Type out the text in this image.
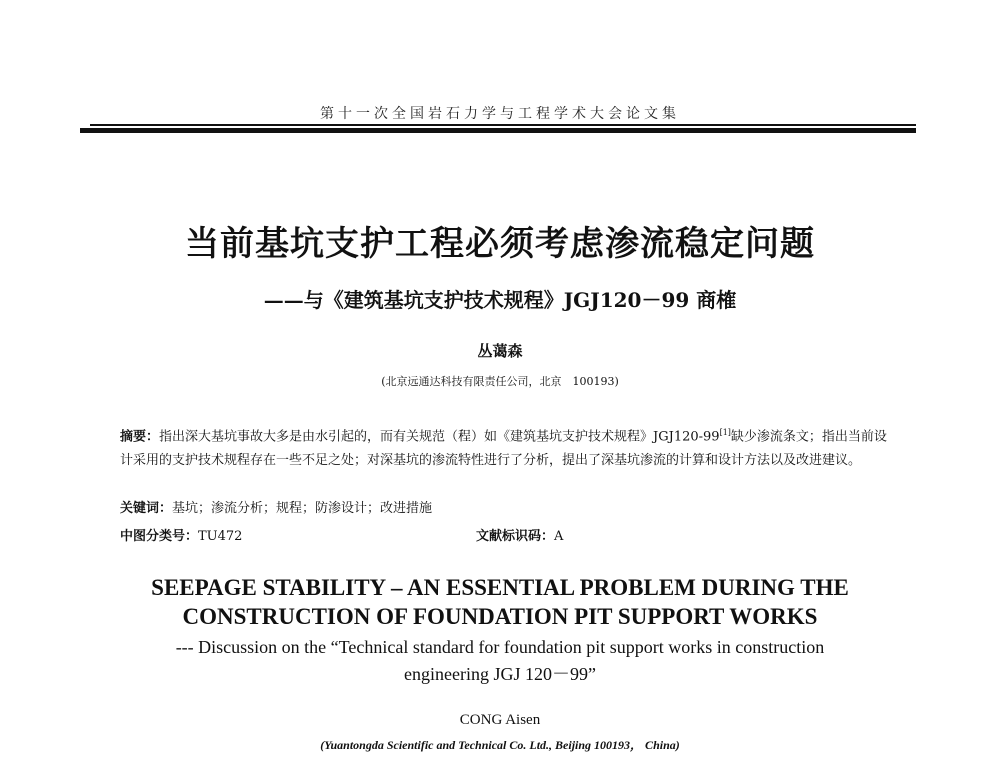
第十一次全国岩石力学与工程学术大会论文集
当前基坑支护工程必须考虑渗流稳定问题
——与《建筑基坑支护技术规程》JGJ120－99 商榷
丛蔼森
(北京远通达科技有限责任公司，北京　100193)
摘要：指出深大基坑事故大多是由水引起的，而有关规范（程）如《建筑基坑支护技术规程》JGJ120-99[1]缺少渗流条文；指出当前设计采用的支护技术规程存在一些不足之处；对深基坑的渗流特性进行了分析，提出了深基坑渗流的计算和设计方法以及改进建议。
关键词：基坑；渗流分析；规程；防渗设计；改进措施
中图分类号：TU472	文献标识码：A
SEEPAGE STABILITY – AN ESSENTIAL PROBLEM DURING THE
CONSTRUCTION OF FOUNDATION PIT SUPPORT WORKS
--- Discussion on the “Technical standard for foundation pit support works in construction
engineering JGJ 120－99”
CONG Aisen
(Yuantongda Scientific and Technical Co. Ltd., Beijing 100193， China)
